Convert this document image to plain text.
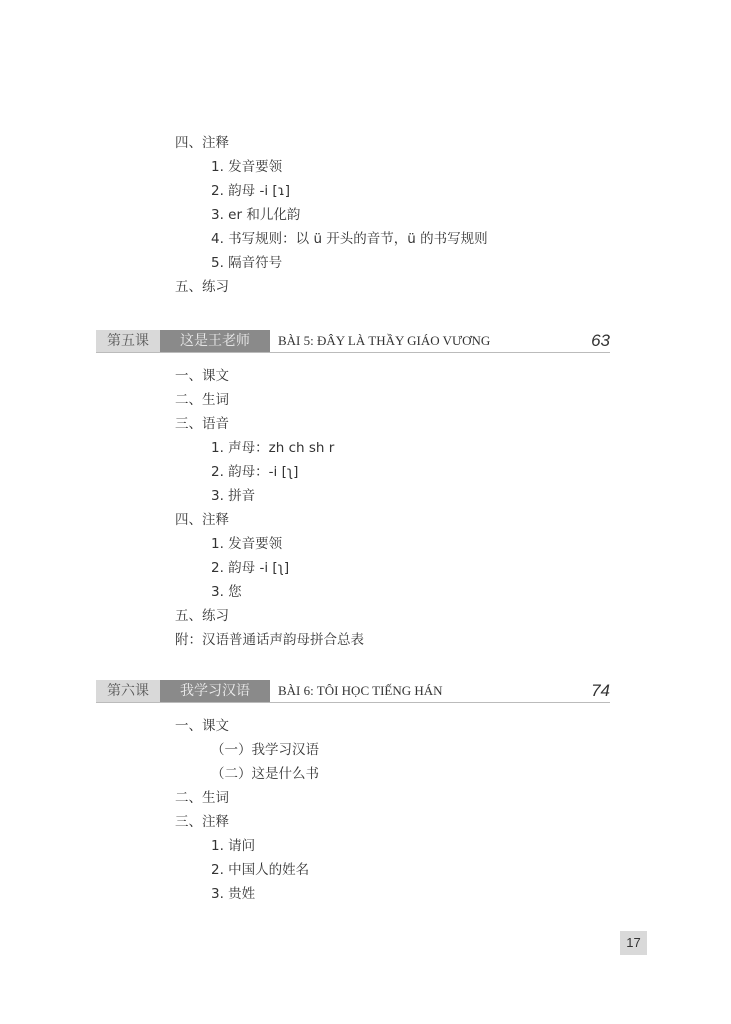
四、注释
1. 发音要领
2. 韵母 -i [ɿ]
3. er 和儿化韵
4. 书写规则：以 ü 开头的音节，ü 的书写规则
5. 隔音符号
五、练习
第五课	这是王老师	BÀI 5: ĐÂY LÀ THẦY GIÁO VƯƠNG	63
一、课文
二、生词
三、语音
1. 声母：zh ch sh r
2. 韵母：-i [ʅ]
3. 拼音
四、注释
1. 发音要领
2. 韵母 -i [ʅ]
3. 您
五、练习
附：汉语普通话声韵母拼合总表
第六课	我学习汉语	BÀI 6: TÔI HỌC TIẾNG HÁN	74
一、课文
（一）我学习汉语
（二）这是什么书
二、生词
三、注释
1. 请问
2. 中国人的姓名
3. 贵姓
17
